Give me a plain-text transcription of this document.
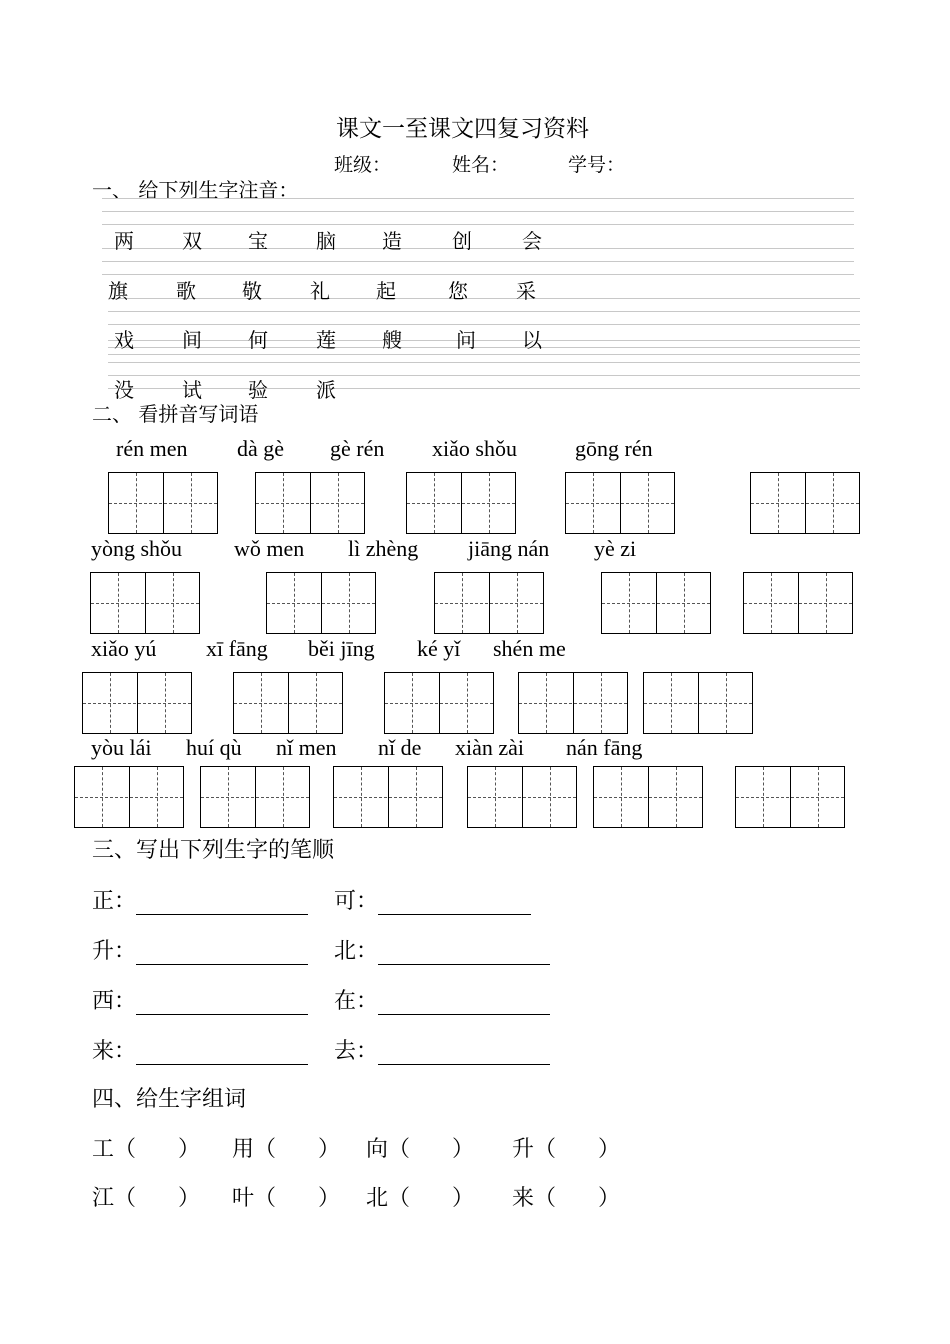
课文一至课文四复习资料
班级：	姓名：	学号：
一、 给下列生字注音：
两 双 宝 脑 造	创	会
旗 歌 敬 礼 起	您 采
戏 间 何 莲 艘	问 以
没 试 验 派
二、 看拼音写词语
rén men dà gè gè rén xiǎo shǒu	gōng rén
yòng shǒu wǒ men lì zhèng jiāng nán yè zi
xiǎo yú xī fāng běi jīng ké yǐ shén me
yòu lái huí qù nǐ men nǐ de xiàn zài nán fāng
三、写出下列生字的笔顺
正：	可：
升：	北：
西：	在：
来：	去：
四、给生字组词
工（      ） 用（      ） 向（      ） 升（      ）
江（      ） 叶（      ） 北（      ） 来（      ）
